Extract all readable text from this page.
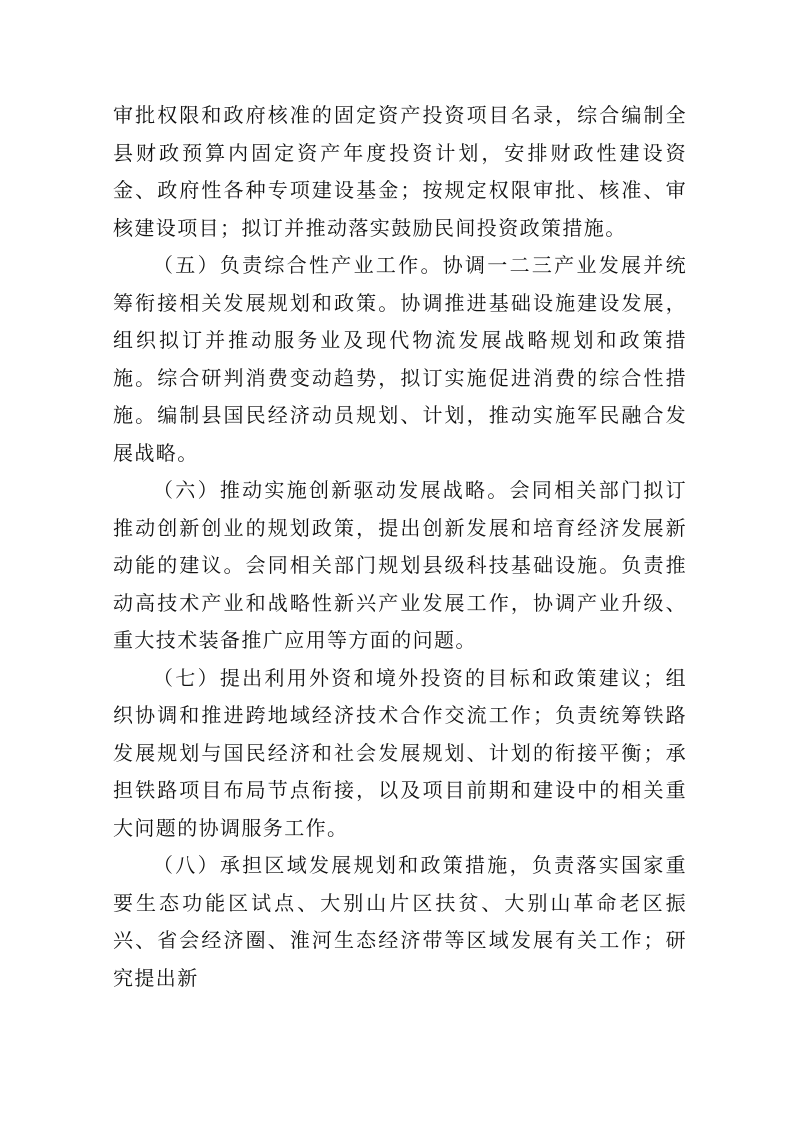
审批权限和政府核准的固定资产投资项目名录，综合编制全县财政预算内固定资产年度投资计划，安排财政性建设资金、政府性各种专项建设基金；按规定权限审批、核准、审核建设项目；拟订并推动落实鼓励民间投资政策措施。

（五）负责综合性产业工作。协调一二三产业发展并统筹衔接相关发展规划和政策。协调推进基础设施建设发展，组织拟订并推动服务业及现代物流发展战略规划和政策措施。综合研判消费变动趋势，拟订实施促进消费的综合性措施。编制县国民经济动员规划、计划，推动实施军民融合发展战略。

（六）推动实施创新驱动发展战略。会同相关部门拟订推动创新创业的规划政策，提出创新发展和培育经济发展新动能的建议。会同相关部门规划县级科技基础设施。负责推动高技术产业和战略性新兴产业发展工作，协调产业升级、重大技术装备推广应用等方面的问题。

（七）提出利用外资和境外投资的目标和政策建议；组织协调和推进跨地域经济技术合作交流工作；负责统筹铁路发展规划与国民经济和社会发展规划、计划的衔接平衡；承担铁路项目布局节点衔接，以及项目前期和建设中的相关重大问题的协调服务工作。

（八）承担区域发展规划和政策措施，负责落实国家重要生态功能区试点、大别山片区扶贫、大别山革命老区振兴、省会经济圈、淮河生态经济带等区域发展有关工作；研究提出新
